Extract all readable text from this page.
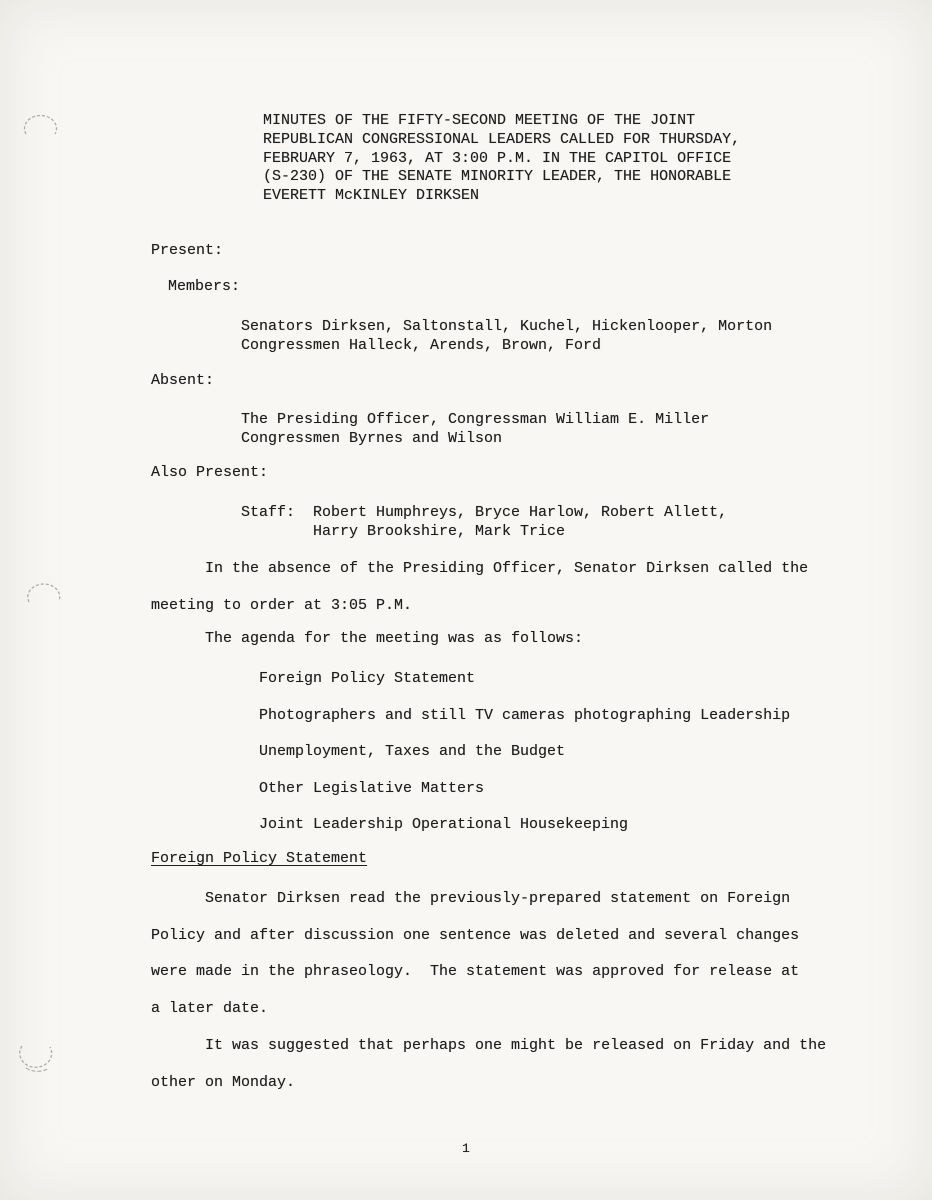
MINUTES OF THE FIFTY-SECOND MEETING OF THE JOINT
REPUBLICAN CONGRESSIONAL LEADERS CALLED FOR THURSDAY,
FEBRUARY 7, 1963, AT 3:00 P.M. IN THE CAPITOL OFFICE
(S-230) OF THE SENATE MINORITY LEADER, THE HONORABLE
EVERETT McKINLEY DIRKSEN
Present:
Members:
Senators Dirksen, Saltonstall, Kuchel, Hickenlooper, Morton
Congressmen Halleck, Arends, Brown, Ford
Absent:
The Presiding Officer, Congressman William E. Miller
Congressmen Byrnes and Wilson
Also Present:
Staff: Robert Humphreys, Bryce Harlow, Robert Allett,
Harry Brookshire, Mark Trice
In the absence of the Presiding Officer, Senator Dirksen called the
meeting to order at 3:05 P.M.
The agenda for the meeting was as follows:
Foreign Policy Statement
Photographers and still TV cameras photographing Leadership
Unemployment, Taxes and the Budget
Other Legislative Matters
Joint Leadership Operational Housekeeping
Foreign Policy Statement
Senator Dirksen read the previously-prepared statement on Foreign
Policy and after discussion one sentence was deleted and several changes
were made in the phraseology.  The statement was approved for release at
a later date.
It was suggested that perhaps one might be released on Friday and the
other on Monday.
1
